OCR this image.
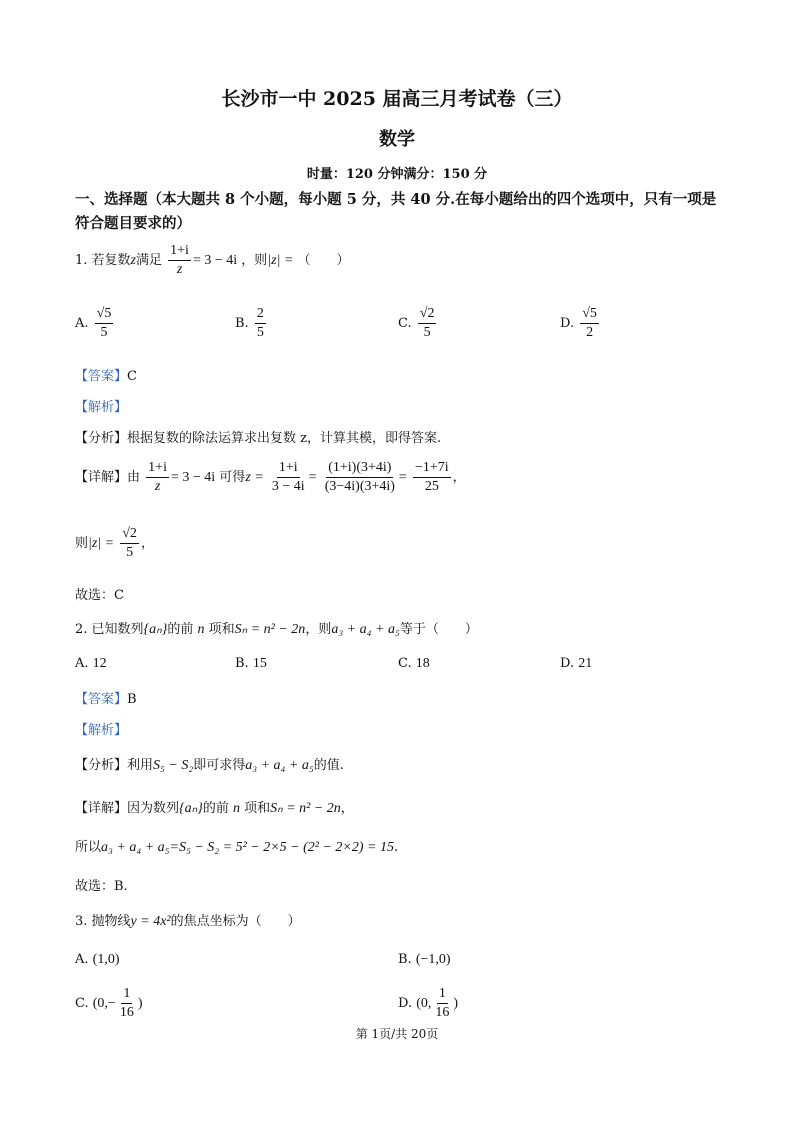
长沙市一中 2025 届高三月考试卷（三）
数学
时量：120 分钟满分：150 分
一、选择题（本大题共 8 个小题，每小题 5 分，共 40 分.在每小题给出的四个选项中，只有一项是符合题目要求的）
1. 若复数z满足 $\frac{1+i}{z} = 3 - 4i$ ，则|z| = （　　）
A. $\frac{√5}{5}$	B. $\frac{2}{5}$	C. $\frac{√2}{5}$	D. $\frac{√5}{2}$
【答案】C
【解析】
【分析】根据复数的除法运算求出复数 z，计算其模，即得答案.
【详解】由 $\frac{1+i}{z} = 3 - 4i$ 可得$z = \frac{1+i}{3 - 4i} = \frac{(1+i)(3+4i)}{(3-4i)(3+4i)} = \frac{-1+7i}{25}$ ，
则$|z| = \frac{√2}{5}$ ，
故选：C
2. 已知数列{aₙ}的前 n 项和Sₙ = n² − 2n，则a₃ + a₄ + a₅等于（　　）
A. 12	B. 15	C. 18	D. 21
【答案】B
【解析】
【分析】利用S₅ − S₂即可求得a₃ + a₄ + a₅的值.
【详解】因为数列{aₙ}的前 n 项和Sₙ = n² − 2n，
所以a₃ + a₄ + a₅=S₅ − S₂ = 5² − 2×5 − (2² − 2×2) = 15.
故选：B.
3. 抛物线y = 4x²的焦点坐标为（　　）
A. (1,0)	B. (−1,0)
C. ($0,- \frac{1}{16}$ )	D. (0, $\frac{1}{16}$ )
第 1页/共 20页
